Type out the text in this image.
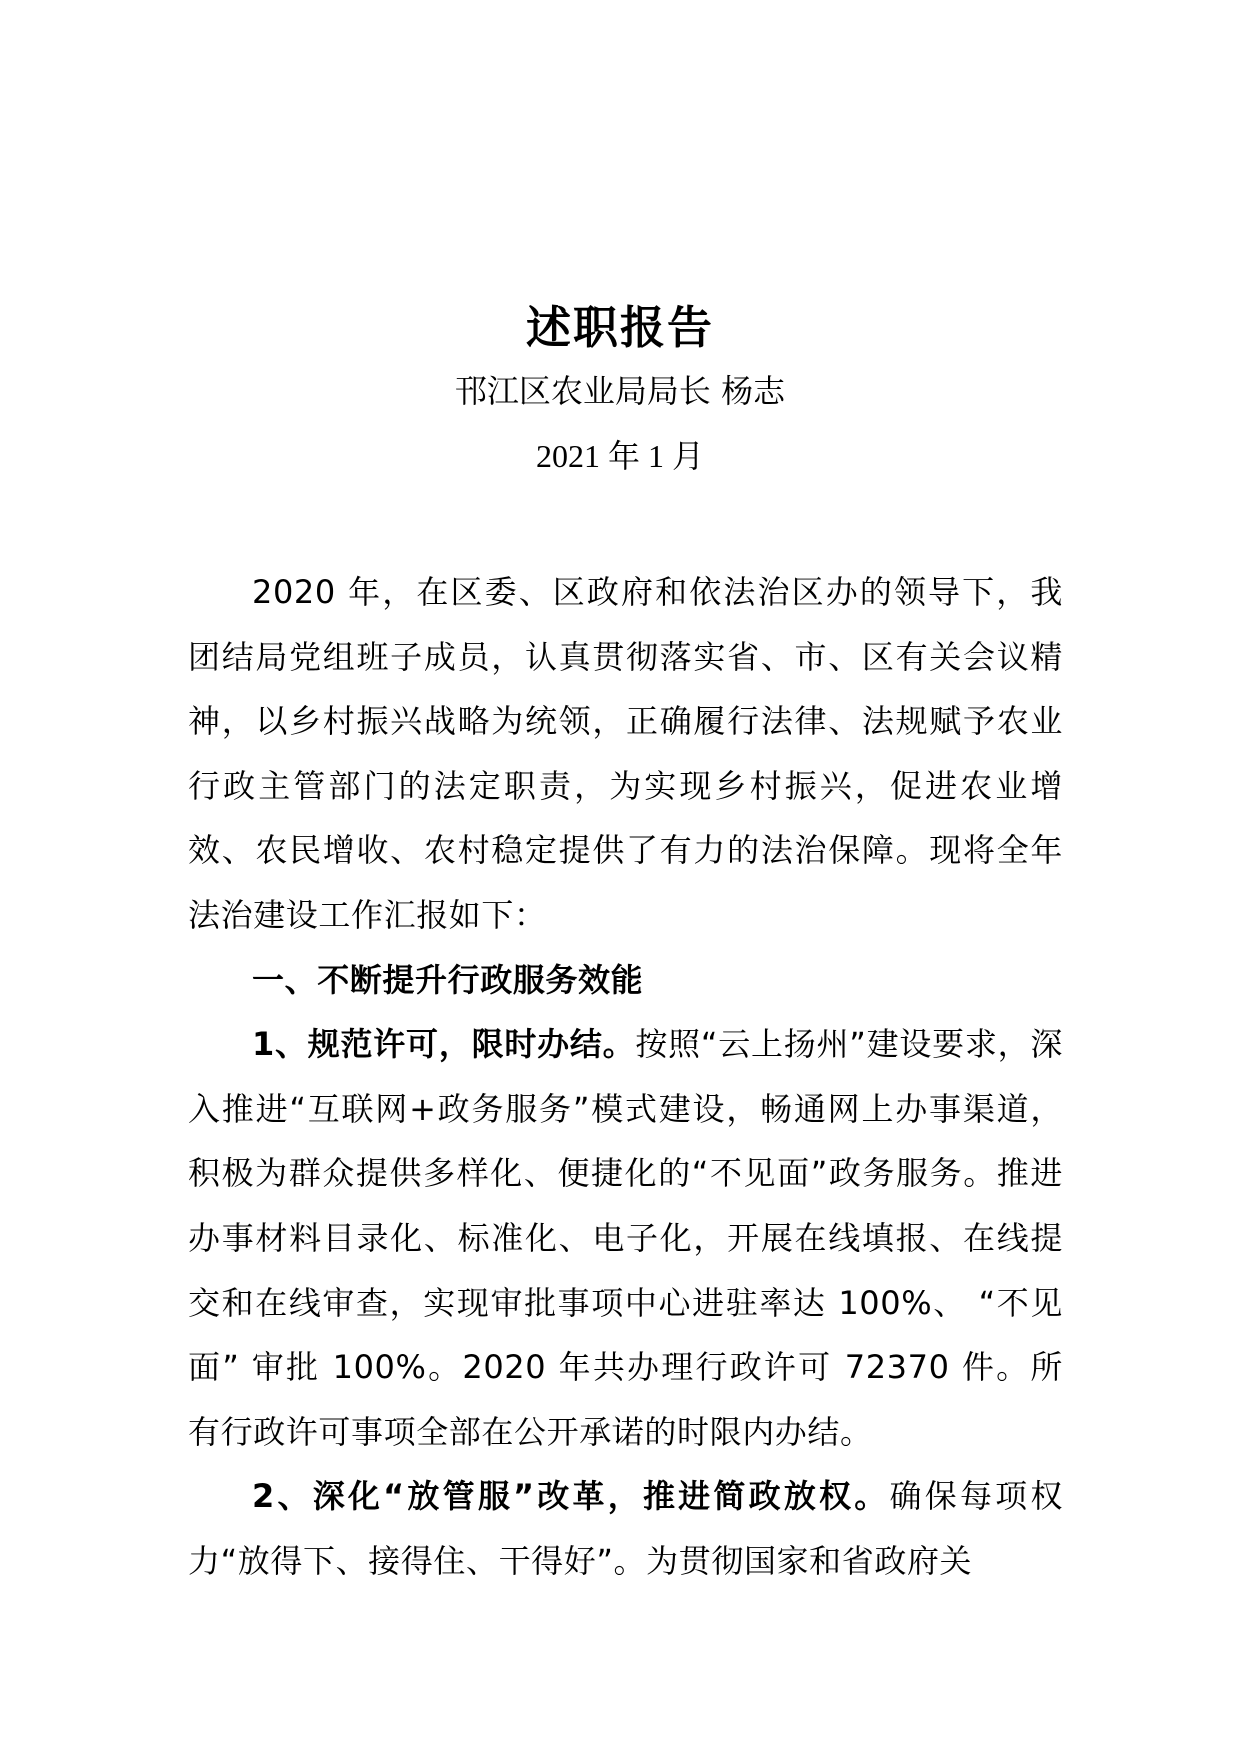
述职报告
邗江区农业局局长 杨志
2021 年 1 月

2020 年，在区委、区政府和依法治区办的领导下，我团结局党组班子成员，认真贯彻落实省、市、区有关会议精神，以乡村振兴战略为统领，正确履行法律、法规赋予农业行政主管部门的法定职责，为实现乡村振兴，促进农业增效、农民增收、农村稳定提供了有力的法治保障。现将全年法治建设工作汇报如下：

一、不断提升行政服务效能

1、规范许可，限时办结。按照“云上扬州”建设要求，深入推进“互联网+政务服务”模式建设，畅通网上办事渠道，积极为群众提供多样化、便捷化的“不见面”政务服务。推进办事材料目录化、标准化、电子化，开展在线填报、在线提交和在线审查，实现审批事项中心进驻率达 100%、 “不见面” 审批 100%。2020 年共办理行政许可 72370 件。所有行政许可事项全部在公开承诺的时限内办结。

2、深化“放管服”改革，推进简政放权。确保每项权力“放得下、接得住、干得好”。为贯彻国家和省政府关
